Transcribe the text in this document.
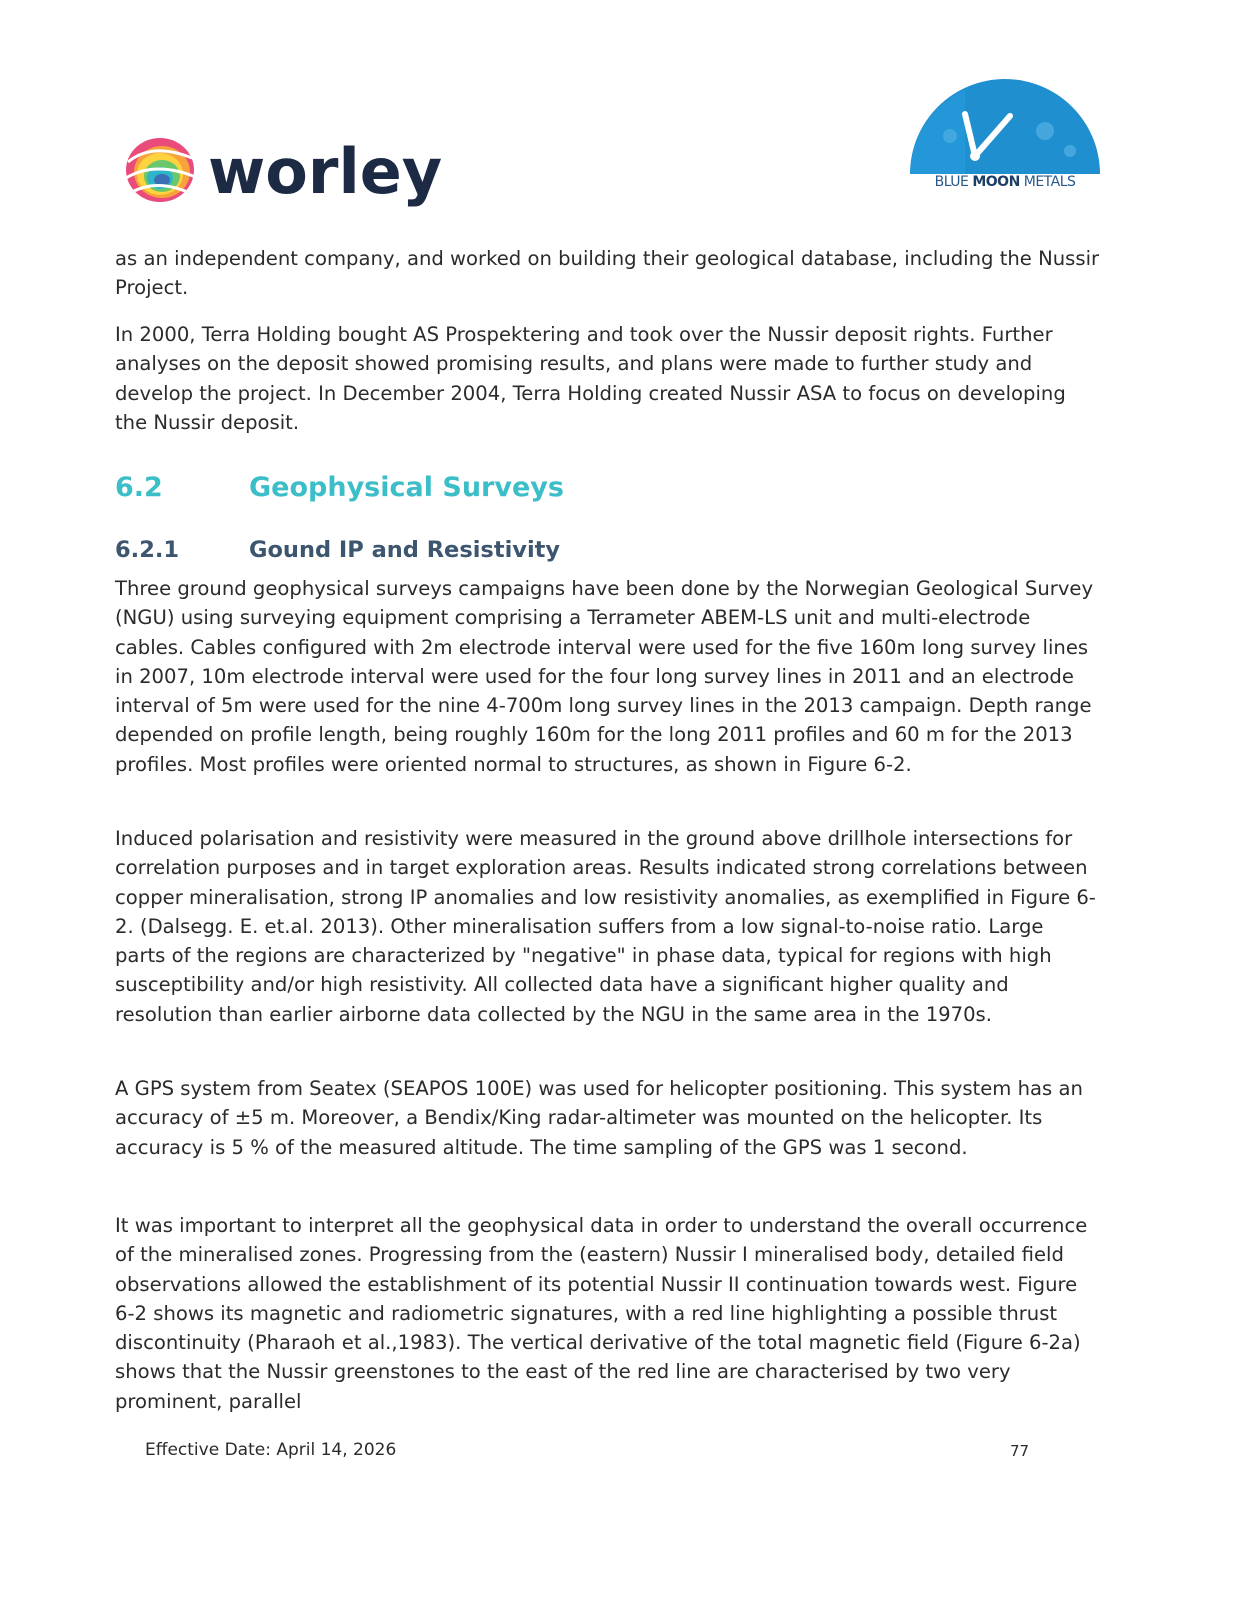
worley	BLUE MOON METALS

as an independent company, and worked on building their geological database, including the Nussir Project.

In 2000, Terra Holding bought AS Prospektering and took over the Nussir deposit rights. Further analyses on the deposit showed promising results, and plans were made to further study and develop the project. In December 2004, Terra Holding created Nussir ASA to focus on developing the Nussir deposit.

6.2	Geophysical Surveys
6.2.1	Gound IP and Resistivity

Three ground geophysical surveys campaigns have been done by the Norwegian Geological Survey (NGU) using surveying equipment comprising a Terrameter ABEM-LS unit and multi-electrode cables. Cables configured with 2m electrode interval were used for the five 160m long survey lines in 2007, 10m electrode interval were used for the four long survey lines in 2011 and an electrode interval of 5m were used for the nine 4-700m long survey lines in the 2013 campaign. Depth range depended on profile length, being roughly 160m for the long 2011 profiles and 60 m for the 2013 profiles. Most profiles were oriented normal to structures, as shown in Figure 6-2.

Induced polarisation and resistivity were measured in the ground above drillhole intersections for correlation purposes and in target exploration areas. Results indicated strong correlations between copper mineralisation, strong IP anomalies and low resistivity anomalies, as exemplified in Figure 6-2. (Dalsegg. E. et.al. 2013). Other mineralisation suffers from a low signal-to-noise ratio. Large parts of the regions are characterized by "negative" in phase data, typical for regions with high susceptibility and/or high resistivity. All collected data have a significant higher quality and resolution than earlier airborne data collected by the NGU in the same area in the 1970s.

A GPS system from Seatex (SEAPOS 100E) was used for helicopter positioning. This system has an accuracy of ±5 m. Moreover, a Bendix/King radar-altimeter was mounted on the helicopter. Its accuracy is 5 % of the measured altitude. The time sampling of the GPS was 1 second.

It was important to interpret all the geophysical data in order to understand the overall occurrence of the mineralised zones. Progressing from the (eastern) Nussir I mineralised body, detailed field observations allowed the establishment of its potential Nussir II continuation towards west. Figure 6-2 shows its magnetic and radiometric signatures, with a red line highlighting a possible thrust discontinuity (Pharaoh et al.,1983). The vertical derivative of the total magnetic field (Figure 6-2a) shows that the Nussir greenstones to the east of the red line are characterised by two very prominent, parallel

Effective Date: April 14, 2026	77
